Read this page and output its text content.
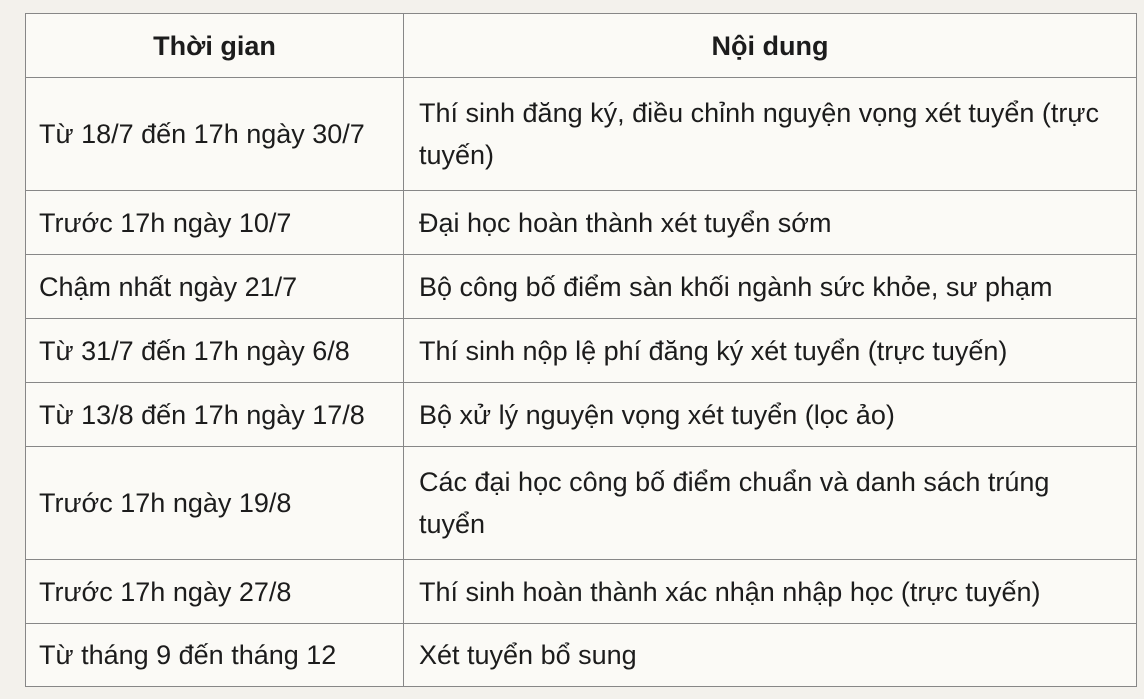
Thời gian	Nội dung
Từ 18/7 đến 17h ngày 30/7	Thí sinh đăng ký, điều chỉnh nguyện vọng xét tuyển (trực tuyến)
Trước 17h ngày 10/7	Đại học hoàn thành xét tuyển sớm
Chậm nhất ngày 21/7	Bộ công bố điểm sàn khối ngành sức khỏe, sư phạm
Từ 31/7 đến 17h ngày 6/8	Thí sinh nộp lệ phí đăng ký xét tuyển (trực tuyến)
Từ 13/8 đến 17h ngày 17/8	Bộ xử lý nguyện vọng xét tuyển (lọc ảo)
Trước 17h ngày 19/8	Các đại học công bố điểm chuẩn và danh sách trúng tuyển
Trước 17h ngày 27/8	Thí sinh hoàn thành xác nhận nhập học (trực tuyến)
Từ tháng 9 đến tháng 12	Xét tuyển bổ sung
